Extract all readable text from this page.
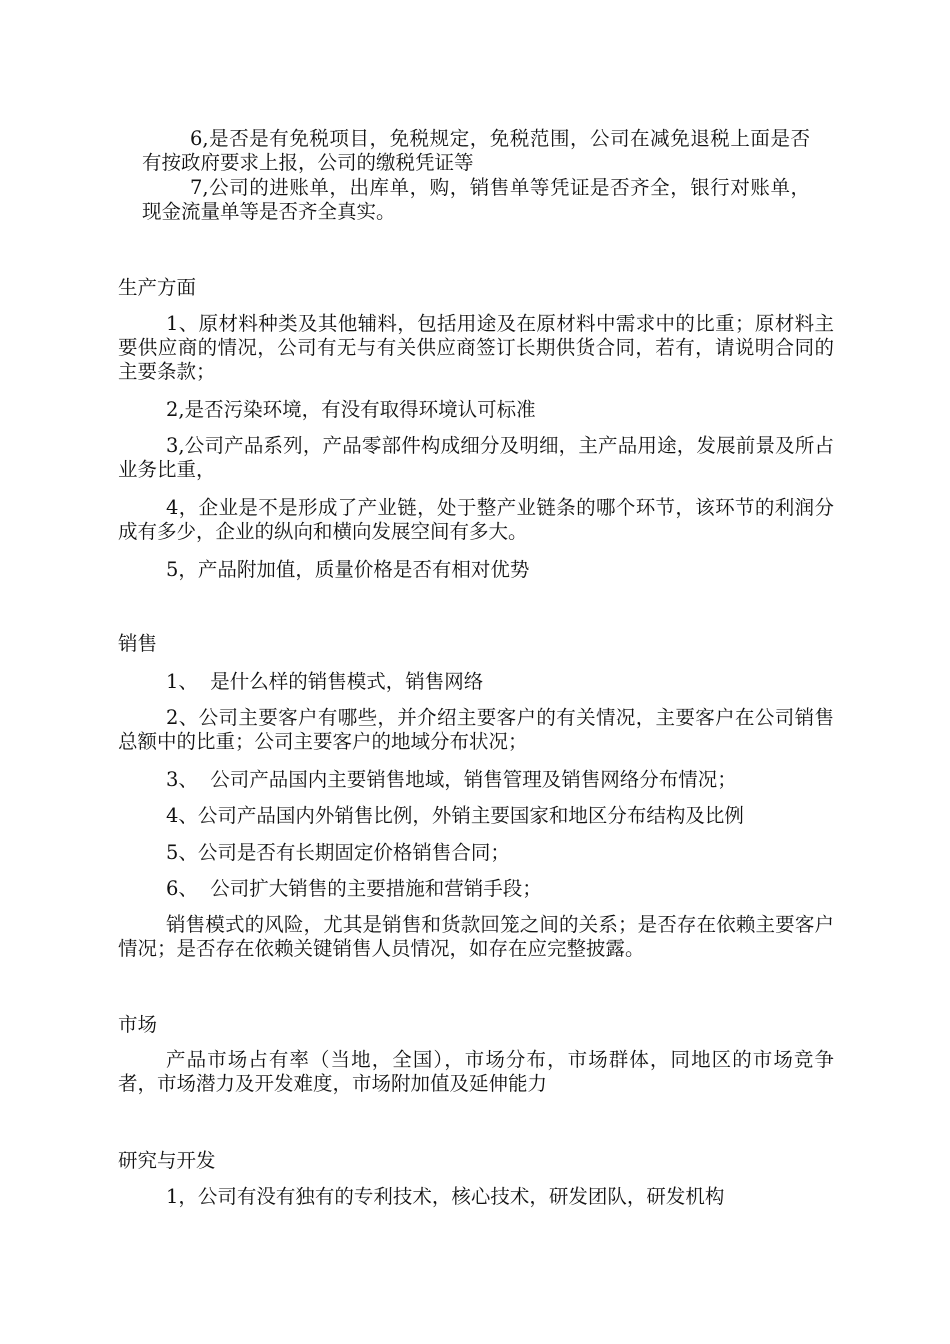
6,是否是有免税项目，免税规定，免税范围，公司在减免退税上面是否有按政府要求上报，公司的缴税凭证等

7,公司的进账单，出库单，购，销售单等凭证是否齐全，银行对账单，现金流量单等是否齐全真实。

生产方面

1、原材料种类及其他辅料，包括用途及在原材料中需求中的比重；原材料主要供应商的情况，公司有无与有关供应商签订长期供货合同，若有，请说明合同的主要条款；

2,是否污染环境，有没有取得环境认可标准

3,公司产品系列，产品零部件构成细分及明细，主产品用途，发展前景及所占业务比重，

4，企业是不是形成了产业链，处于整产业链条的哪个环节，该环节的利润分成有多少，企业的纵向和横向发展空间有多大。

5，产品附加值，质量价格是否有相对优势

销售

1、  是什么样的销售模式，销售网络

2、公司主要客户有哪些，并介绍主要客户的有关情况，主要客户在公司销售总额中的比重；公司主要客户的地域分布状况；

3、  公司产品国内主要销售地域，销售管理及销售网络分布情况；

4、公司产品国内外销售比例，外销主要国家和地区分布结构及比例

5、公司是否有长期固定价格销售合同；

6、  公司扩大销售的主要措施和营销手段；

销售模式的风险，尤其是销售和货款回笼之间的关系；是否存在依赖主要客户情况；是否存在依赖关键销售人员情况，如存在应完整披露。

市场

产品市场占有率（当地，全国），市场分布，市场群体，同地区的市场竞争者，市场潜力及开发难度，市场附加值及延伸能力

研究与开发

1，公司有没有独有的专利技术，核心技术，研发团队，研发机构
